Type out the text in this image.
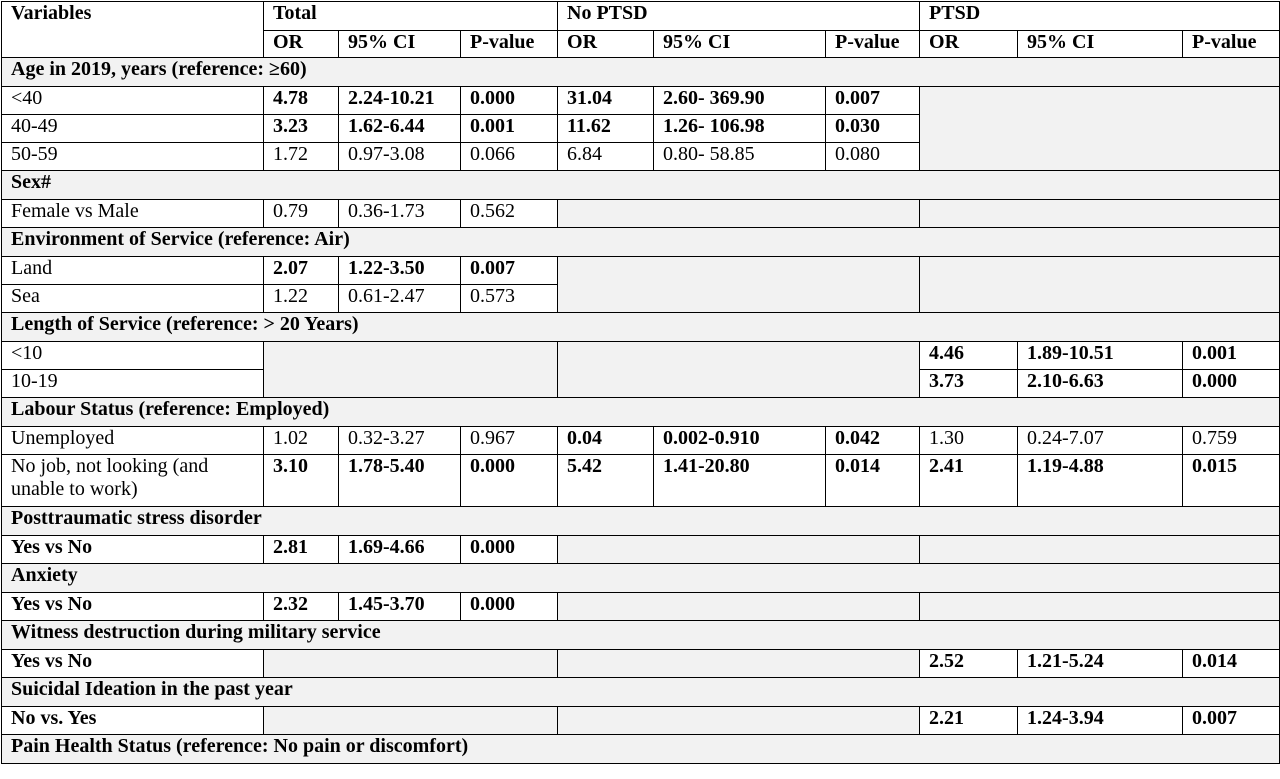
Variables	Total			No PTSD			PTSD		
	OR	95% CI	P-value	OR	95% CI	P-value	OR	95% CI	P-value
Age in 2019, years (reference: ≥60)									
<40	4.78	2.24-10.21	0.000	31.04	2.60- 369.90	0.007			
40-49	3.23	1.62-6.44	0.001	11.62	1.26- 106.98	0.030			
50-59	1.72	0.97-3.08	0.066	6.84	0.80- 58.85	0.080			
Sex#									
Female vs Male	0.79	0.36-1.73	0.562						
Environment of Service (reference: Air)									
Land	2.07	1.22-3.50	0.007						
Sea	1.22	0.61-2.47	0.573						
Length of Service (reference: > 20 Years)									
<10							4.46	1.89-10.51	0.001
10-19							3.73	2.10-6.63	0.000
Labour Status (reference: Employed)									
Unemployed	1.02	0.32-3.27	0.967	0.04	0.002-0.910	0.042	1.30	0.24-7.07	0.759
No job, not looking (and unable to work)	3.10	1.78-5.40	0.000	5.42	1.41-20.80	0.014	2.41	1.19-4.88	0.015
Posttraumatic stress disorder									
Yes vs No	2.81	1.69-4.66	0.000						
Anxiety									
Yes vs No	2.32	1.45-3.70	0.000						
Witness destruction during military service									
Yes vs No							2.52	1.21-5.24	0.014
Suicidal Ideation in the past year									
No vs. Yes							2.21	1.24-3.94	0.007
Pain Health Status (reference: No pain or discomfort)									
